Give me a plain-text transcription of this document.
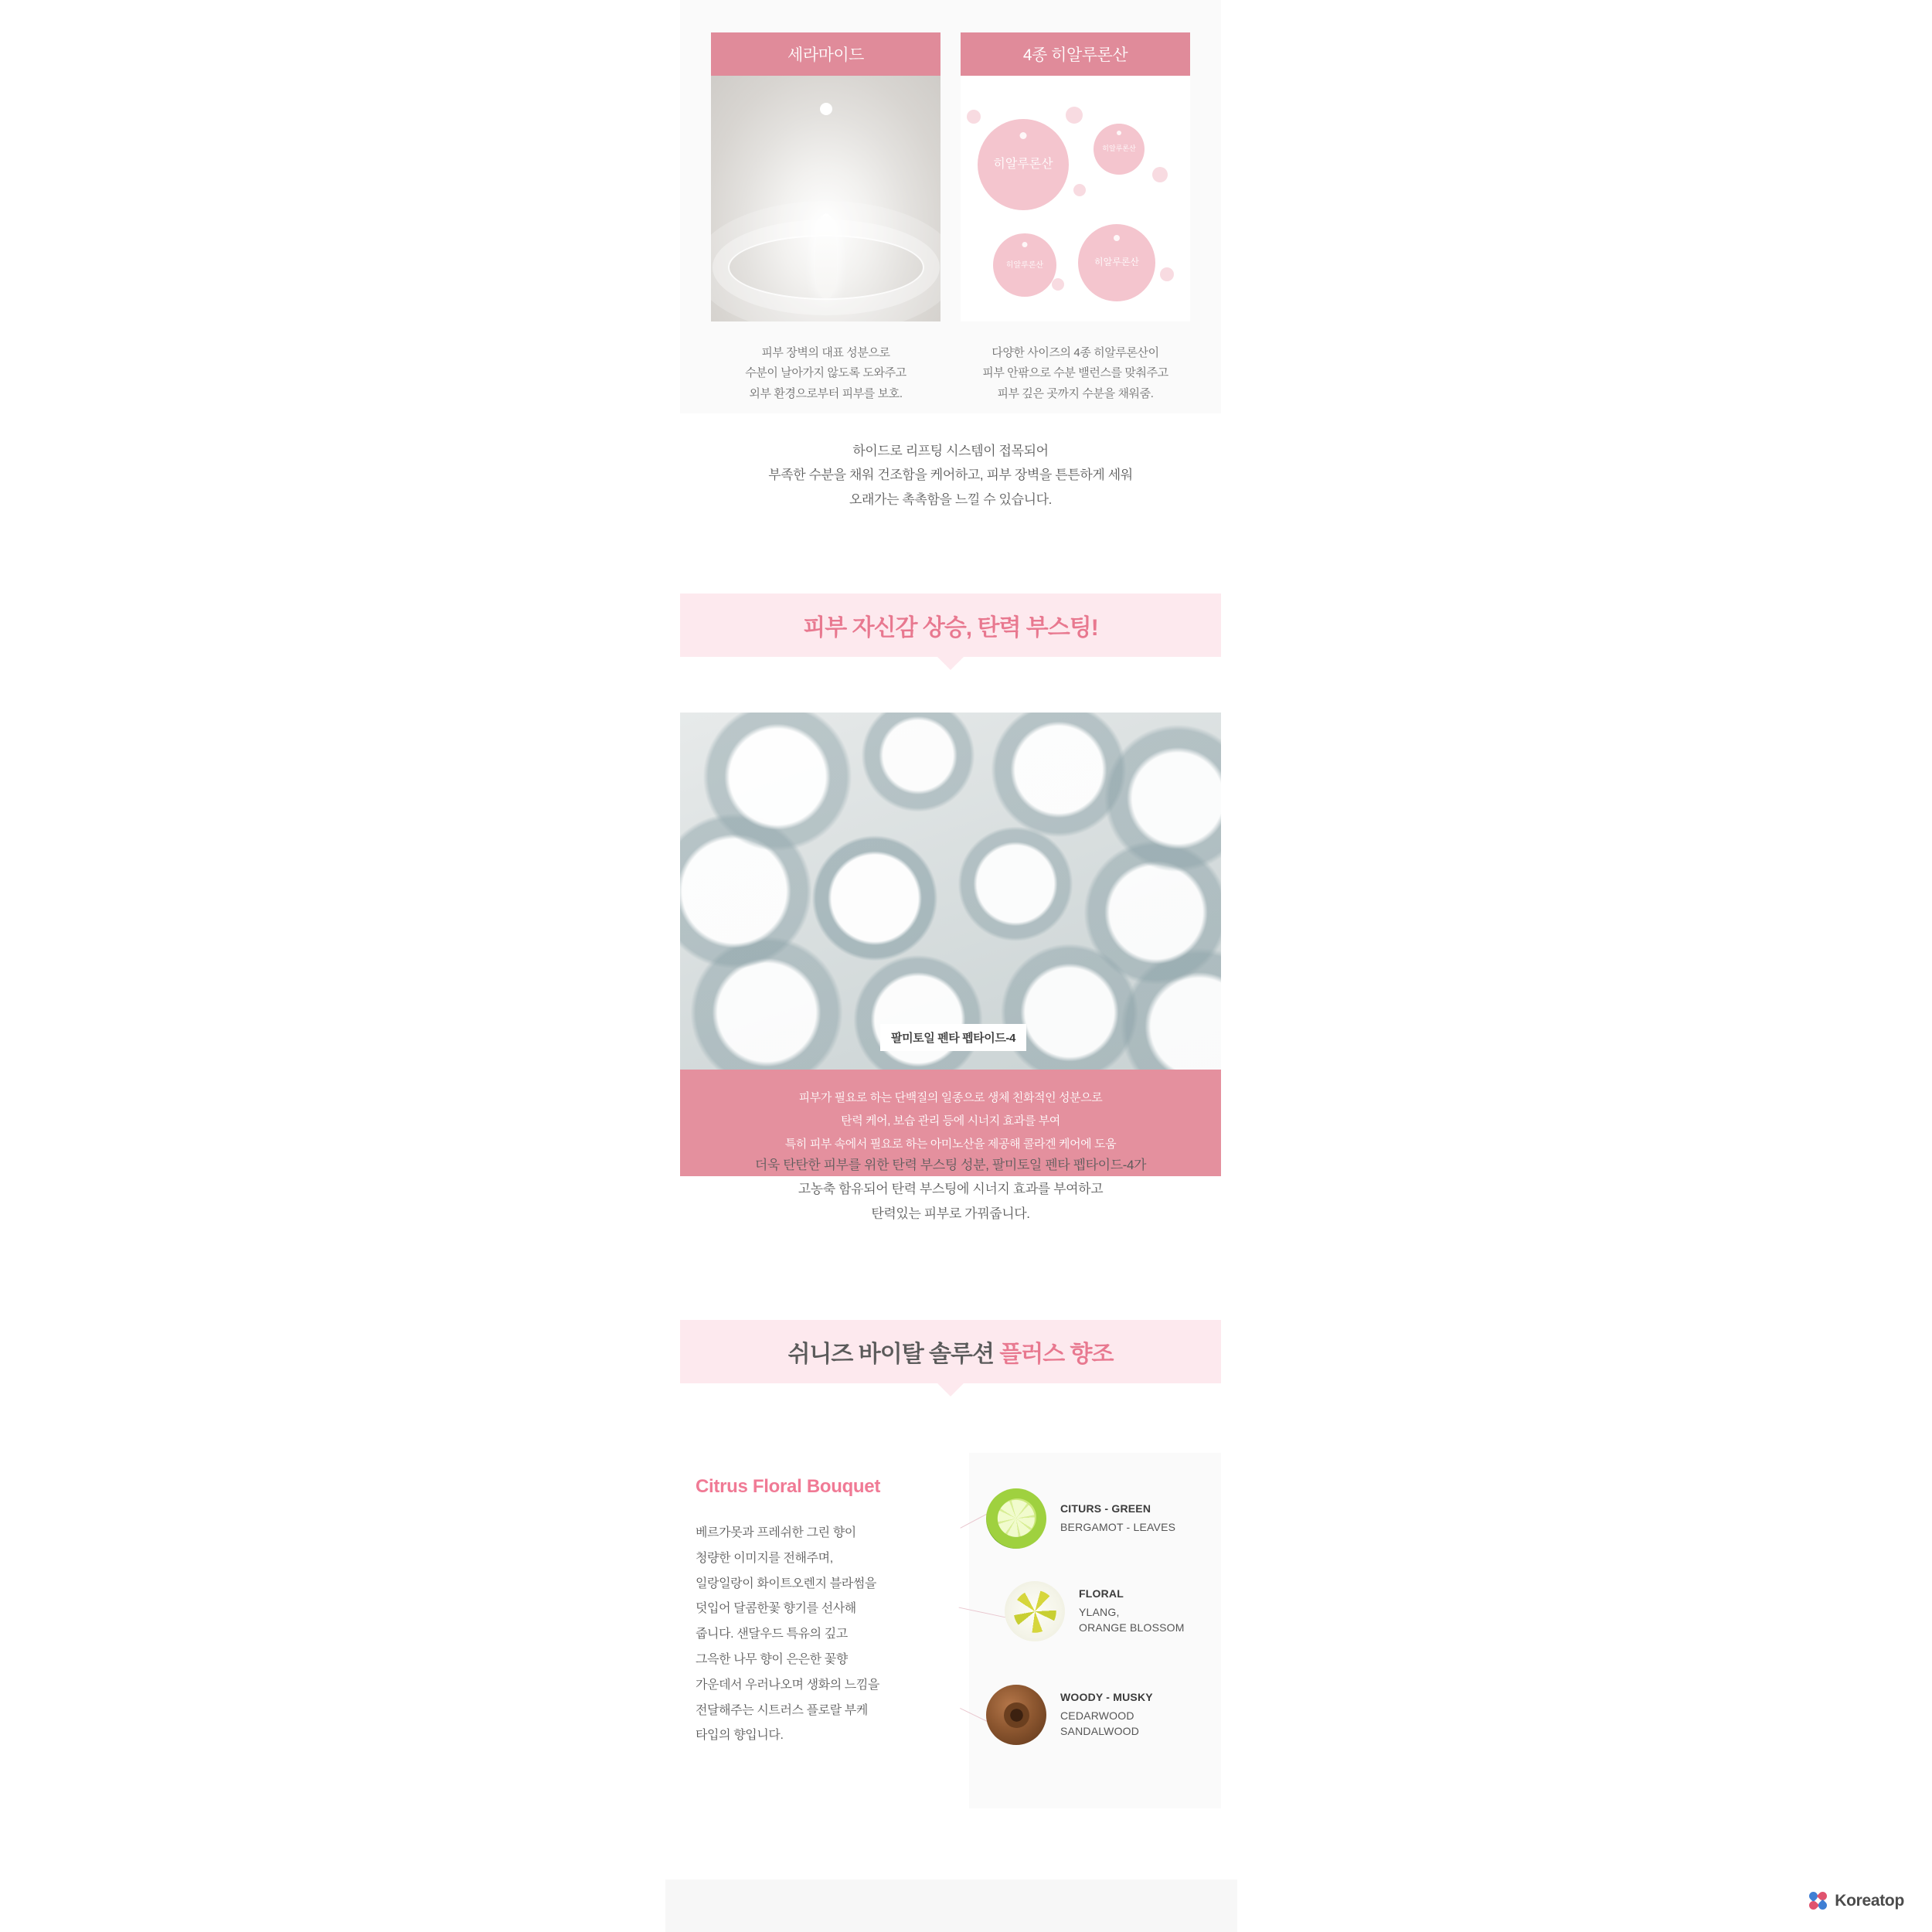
세라마이드
피부 장벽의 대표 성분으로
수분이 날아가지 않도록 도와주고
외부 환경으로부터 피부를 보호.
4종 히알루론산
히알루론산
히알루론산
히알루론산	히알루론산
다양한 사이즈의 4종 히알루론산이
피부 안팎으로 수분 밸런스를 맞춰주고
피부 깊은 곳까지 수분을 채워줌.

하이드로 리프팅 시스템이 접목되어
부족한 수분을 채워 건조함을 케어하고, 피부 장벽을 튼튼하게 세워
오래가는 촉촉함을 느낄 수 있습니다.

피부 자신감 상승, 탄력 부스팅!
팔미토일 펜타 펩타이드-4
피부가 필요로 하는 단백질의 일종으로 생체 친화적인 성분으로
탄력 케어, 보습 관리 등에 시너지 효과를 부여
특히 피부 속에서 필요로 하는 아미노산을 제공해 콜라겐 케어에 도움

더욱 탄탄한 피부를 위한 탄력 부스팅 성분, 팔미토일 펜타 펩타이드-4가
고농축 함유되어 탄력 부스팅에 시너지 효과를 부여하고
탄력있는 피부로 가꿔줍니다.

쉬니즈 바이탈 솔루션 플러스 향조
Citrus Floral Bouquet

베르가못과 프레쉬한 그린 향이
청량한 이미지를 전해주며,
일랑일랑이 화이트오렌지 블라썸을
덧입어 달콤한꽃 향기를 선사해
줍니다. 샌달우드 특유의 깊고
그윽한 나무 향이 은은한 꽃향
가운데서 우러나오며 생화의 느낌을
전달해주는 시트러스 플로랄 부케
타입의 향입니다.

CITURS - GREEN
BERGAMOT - LEAVES
FLORAL
YLANG,
ORANGE BLOSSOM
WOODY - MUSKY
CEDARWOOD
SANDALWOOD
Koreatop
